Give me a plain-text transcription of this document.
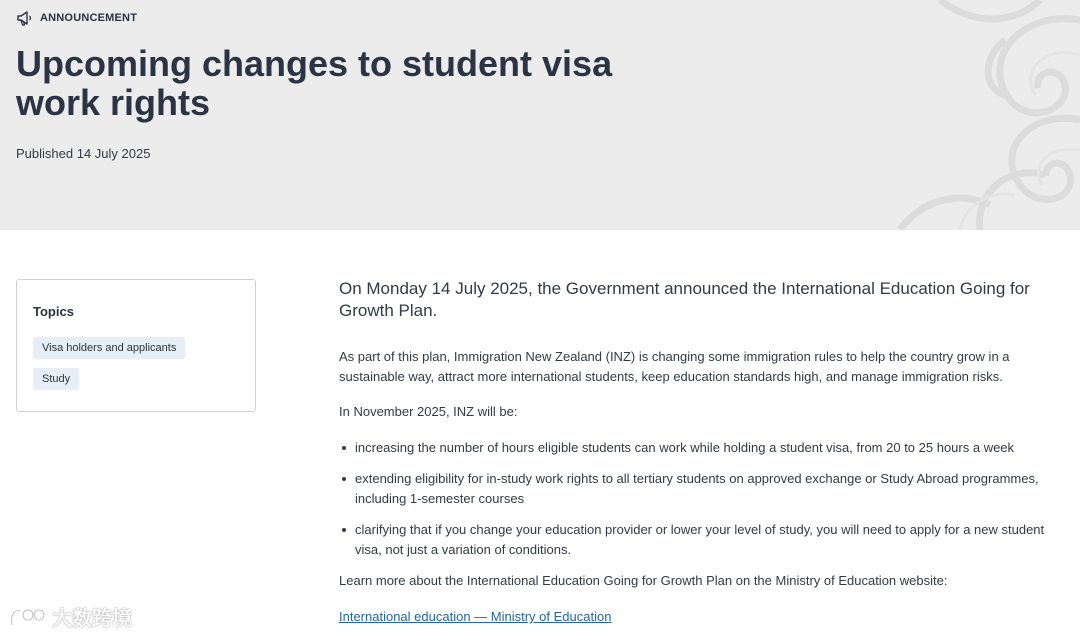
ANNOUNCEMENT
Upcoming changes to student visa work rights
Published 14 July 2025
Topics
Visa holders and applicants
Study

On Monday 14 July 2025, the Government announced the International Education Going for Growth Plan.

As part of this plan, Immigration New Zealand (INZ) is changing some immigration rules to help the country grow in a sustainable way, attract more international students, keep education standards high, and manage immigration risks.

In November 2025, INZ will be:

increasing the number of hours eligible students can work while holding a student visa, from 20 to 25 hours a week
extending eligibility for in-study work rights to all tertiary students on approved exchange or Study Abroad programmes, including 1-semester courses
clarifying that if you change your education provider or lower your level of study, you will need to apply for a new student visa, not just a variation of conditions.

Learn more about the International Education Going for Growth Plan on the Ministry of Education website:

International education — Ministry of Education

大数跨境
